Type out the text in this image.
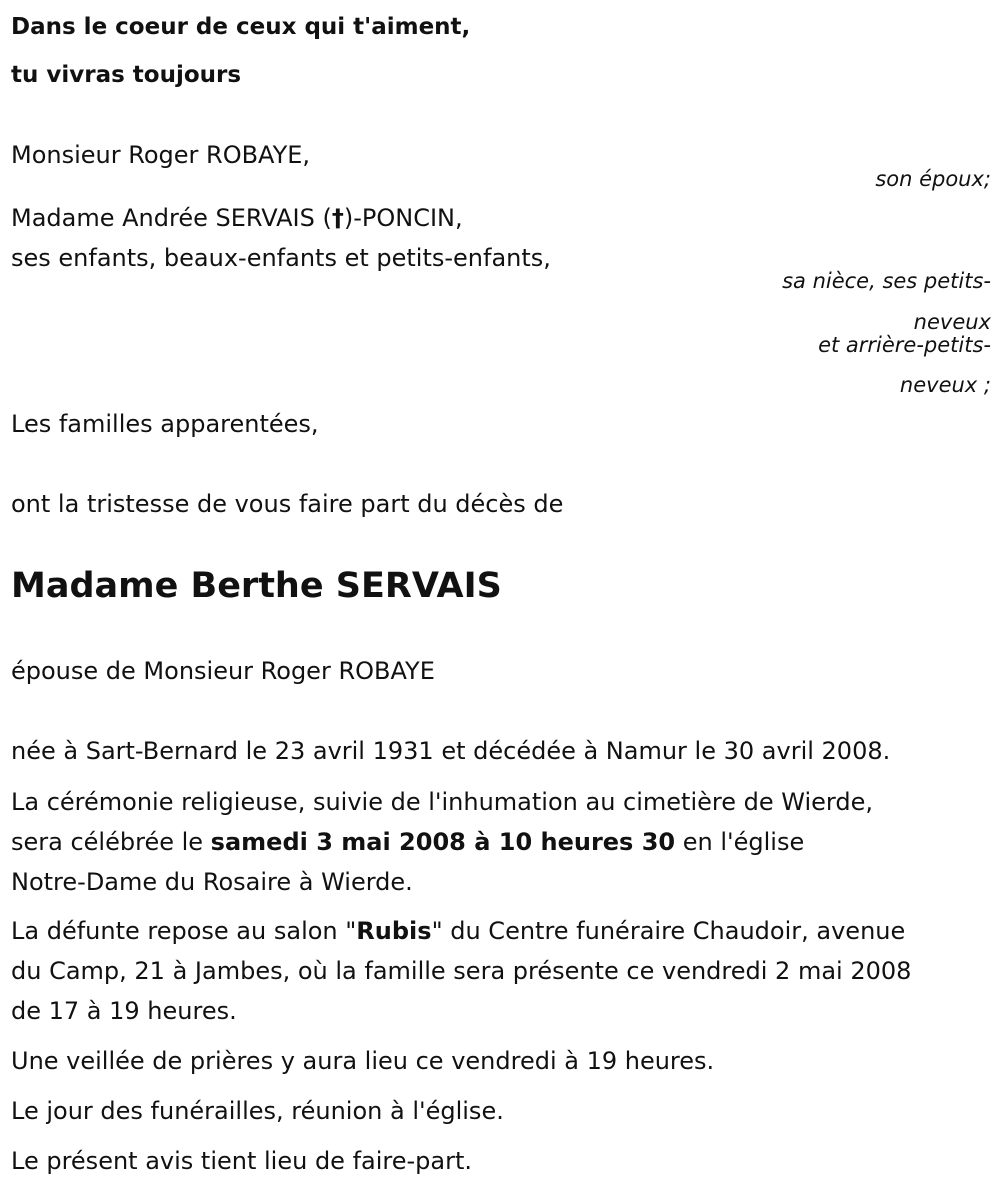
Dans le coeur de ceux qui t'aiment,
tu vivras toujours
Monsieur Roger ROBAYE,
son époux;
Madame Andrée SERVAIS (†)-PONCIN,
ses enfants, beaux-enfants et petits-enfants,
sa nièce, ses petits-
neveux
et arrière-petits-
neveux ;
Les familles apparentées,
ont la tristesse de vous faire part du décès de
Madame Berthe SERVAIS
épouse de Monsieur Roger ROBAYE
née à Sart-Bernard le 23 avril 1931 et décédée à Namur le 30 avril 2008.
La cérémonie religieuse, suivie de l'inhumation au cimetière de Wierde,
sera célébrée le samedi 3 mai 2008 à 10 heures 30 en l'église
Notre-Dame du Rosaire à Wierde.
La défunte repose au salon "Rubis" du Centre funéraire Chaudoir, avenue
du Camp, 21 à Jambes, où la famille sera présente ce vendredi 2 mai 2008
de 17 à 19 heures.
Une veillée de prières y aura lieu ce vendredi à 19 heures.
Le jour des funérailles, réunion à l'église.
Le présent avis tient lieu de faire-part.
